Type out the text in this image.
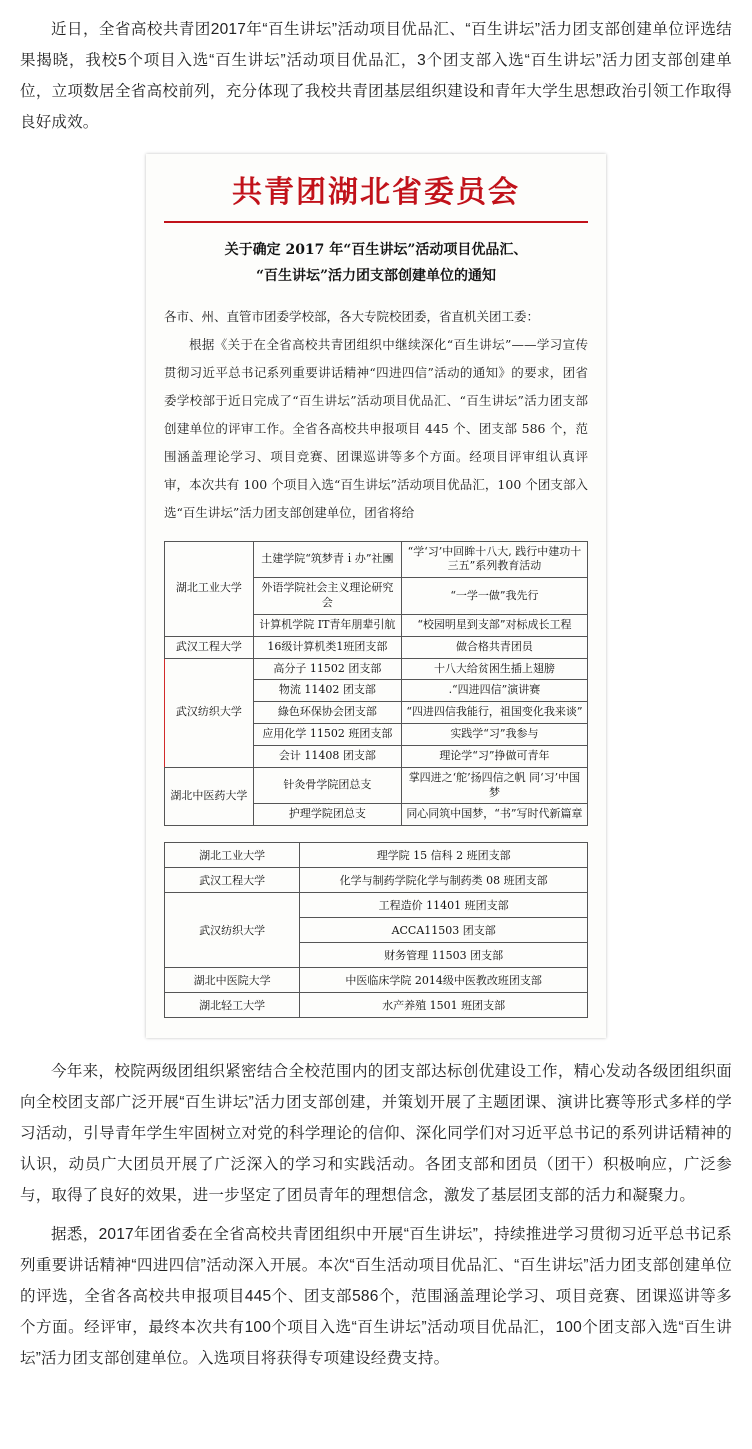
近日，全省高校共青团2017年“百生讲坛”活动项目优品汇、“百生讲坛”活力团支部创建单位评选结果揭晓，我校5个项目入选“百生讲坛”活动项目优品汇，3个团支部入选“百生讲坛”活力团支部创建单位，立项数居全省高校前列，充分体现了我校共青团基层组织建设和青年大学生思想政治引领工作取得良好成效。

共青团湖北省委员会
关于确定 2017 年“百生讲坛”活动项目优品汇、
“百生讲坛”活力团支部创建单位的通知

各市、州、直管市团委学校部，各大专院校团委，省直机关团工委：

根据《关于在全省高校共青团组织中继续深化“百生讲坛”——学习宣传贯彻习近平总书记系列重要讲话精神“四进四信”活动的通知》的要求，团省委学校部于近日完成了“百生讲坛”活动项目优品汇、“百生讲坛”活力团支部创建单位的评审工作。全省各高校共申报项目 445 个、团支部 586 个，范围涵盖理论学习、项目竞赛、团课巡讲等多个方面。经项目评审组认真评审，本次共有 100 个项目入选“百生讲坛”活动项目优品汇，100 个团支部入选“百生讲坛”活力团支部创建单位，团省将给

湖北工业大学	土建学院“筑梦青ｉ办”社團	“学‘习’中回眸十八大, 践行中建功十三五”系列教育活动
	外语学院社会主义理论研究会	“一学一做”我先行
	计算机学院 IT青年朋辈引航	“校园明星到支部”对标成长工程
武汉工程大学	16级计算机类1班团支部	做合格共青团员
武汉纺织大学	高分子 11502 团支部	十八大给贫困生插上翅膀
	物流 11402 团支部	.“四进四信”演讲赛
	綠色环保协会团支部	“四进四信我能行，祖国变化我来谈”
	应用化学 11502 班团支部	实践学“习”我参与
	会计 11408 团支部	理论学“习”挣做可青年
湖北中医药大学	针灸骨学院团总支	掌四进之‘舵’扬四信之帆 同‘习’中国梦
	护理学院团总支	同心同筑中国梦，“书”写时代新篇章
湖北工业大学	理学院 15 信科 2 班团支部
武汉工程大学	化学与制药学院化学与制药类 08 班团支部
武汉纺织大学	工程造价 11401 班团支部
	ACCA11503 团支部
	财务管理 11503 团支部
湖北中医院大学	中医临床学院 2014级中医教改班团支部
湖北轻工大学	水产养殖 1501 班团支部

今年来，校院两级团组织紧密结合全校范围内的团支部达标创优建设工作，精心发动各级团组织面向全校团支部广泛开展“百生讲坛”活力团支部创建，并策划开展了主题团课、演讲比赛等形式多样的学习活动，引导青年学生牢固树立对党的科学理论的信仰、深化同学们对习近平总书记的系列讲话精神的认识，动员广大团员开展了广泛深入的学习和实践活动。各团支部和团员（团干）积极响应，广泛参与，取得了良好的效果，进一步坚定了团员青年的理想信念，激发了基层团支部的活力和凝聚力。

据悉，2017年团省委在全省高校共青团组织中开展“百生讲坛”，持续推进学习贯彻习近平总书记系列重要讲话精神“四进四信”活动深入开展。本次“百生活动项目优品汇、“百生讲坛”活力团支部创建单位的评选，全省各高校共申报项目445个、团支部586个，范围涵盖理论学习、项目竞赛、团课巡讲等多个方面。经评审，最终本次共有100个项目入选“百生讲坛”活动项目优品汇，100个团支部入选“百生讲坛”活力团支部创建单位。入选项目将获得专项建设经费支持。
